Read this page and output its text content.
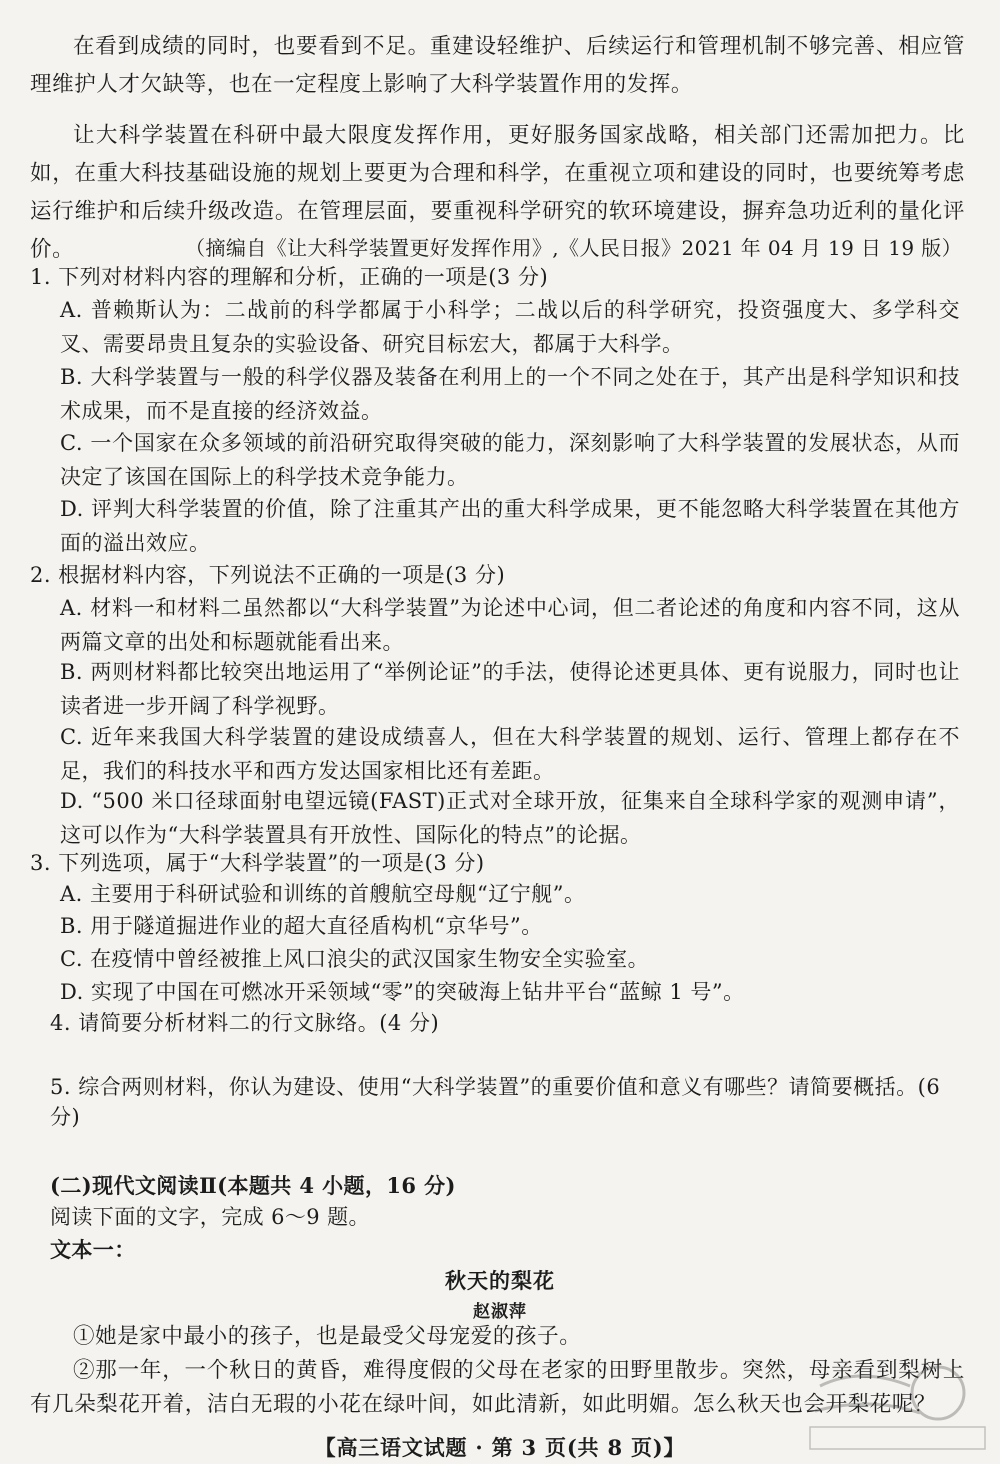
在看到成绩的同时，也要看到不足。重建设轻维护、后续运行和管理机制不够完善、相应管理维护人才欠缺等，也在一定程度上影响了大科学装置作用的发挥。
让大科学装置在科研中最大限度发挥作用，更好服务国家战略，相关部门还需加把力。比如，在重大科技基础设施的规划上要更为合理和科学，在重视立项和建设的同时，也要统筹考虑运行维护和后续升级改造。在管理层面，要重视科学研究的软环境建设，摒弃急功近利的量化评价。	（摘编自《让大科学装置更好发挥作用》,《人民日报》2021 年 04 月 19 日 19 版）
1. 下列对材料内容的理解和分析，正确的一项是(3 分)
A. 普赖斯认为：二战前的科学都属于小科学；二战以后的科学研究，投资强度大、多学科交叉、需要昂贵且复杂的实验设备、研究目标宏大，都属于大科学。
B. 大科学装置与一般的科学仪器及装备在利用上的一个不同之处在于，其产出是科学知识和技术成果，而不是直接的经济效益。
C. 一个国家在众多领域的前沿研究取得突破的能力，深刻影响了大科学装置的发展状态，从而决定了该国在国际上的科学技术竞争能力。
D. 评判大科学装置的价值，除了注重其产出的重大科学成果，更不能忽略大科学装置在其他方面的溢出效应。
2. 根据材料内容，下列说法不正确的一项是(3 分)
A. 材料一和材料二虽然都以“大科学装置”为论述中心词，但二者论述的角度和内容不同，这从两篇文章的出处和标题就能看出来。
B. 两则材料都比较突出地运用了“举例论证”的手法，使得论述更具体、更有说服力，同时也让读者进一步开阔了科学视野。
C. 近年来我国大科学装置的建设成绩喜人，但在大科学装置的规划、运行、管理上都存在不足，我们的科技水平和西方发达国家相比还有差距。
D. “500 米口径球面射电望远镜(FAST)正式对全球开放，征集来自全球科学家的观测申请”，这可以作为“大科学装置具有开放性、国际化的特点”的论据。
3. 下列选项，属于“大科学装置”的一项是(3 分)
A. 主要用于科研试验和训练的首艘航空母舰“辽宁舰”。
B. 用于隧道掘进作业的超大直径盾构机“京华号”。
C. 在疫情中曾经被推上风口浪尖的武汉国家生物安全实验室。
D. 实现了中国在可燃冰开采领域“零”的突破海上钻井平台“蓝鲸 1 号”。
4. 请简要分析材料二的行文脉络。(4 分)
5. 综合两则材料，你认为建设、使用“大科学装置”的重要价值和意义有哪些？请简要概括。(6 分)
(二)现代文阅读Ⅱ(本题共 4 小题，16 分)
阅读下面的文字，完成 6～9 题。
文本一：
秋天的梨花
赵淑萍
①她是家中最小的孩子，也是最受父母宠爱的孩子。
②那一年，一个秋日的黄昏，难得度假的父母在老家的田野里散步。突然，母亲看到梨树上有几朵梨花开着，洁白无瑕的小花在绿叶间，如此清新，如此明媚。怎么秋天也会开梨花呢？
【高三语文试题 · 第 3 页(共 8 页)】
